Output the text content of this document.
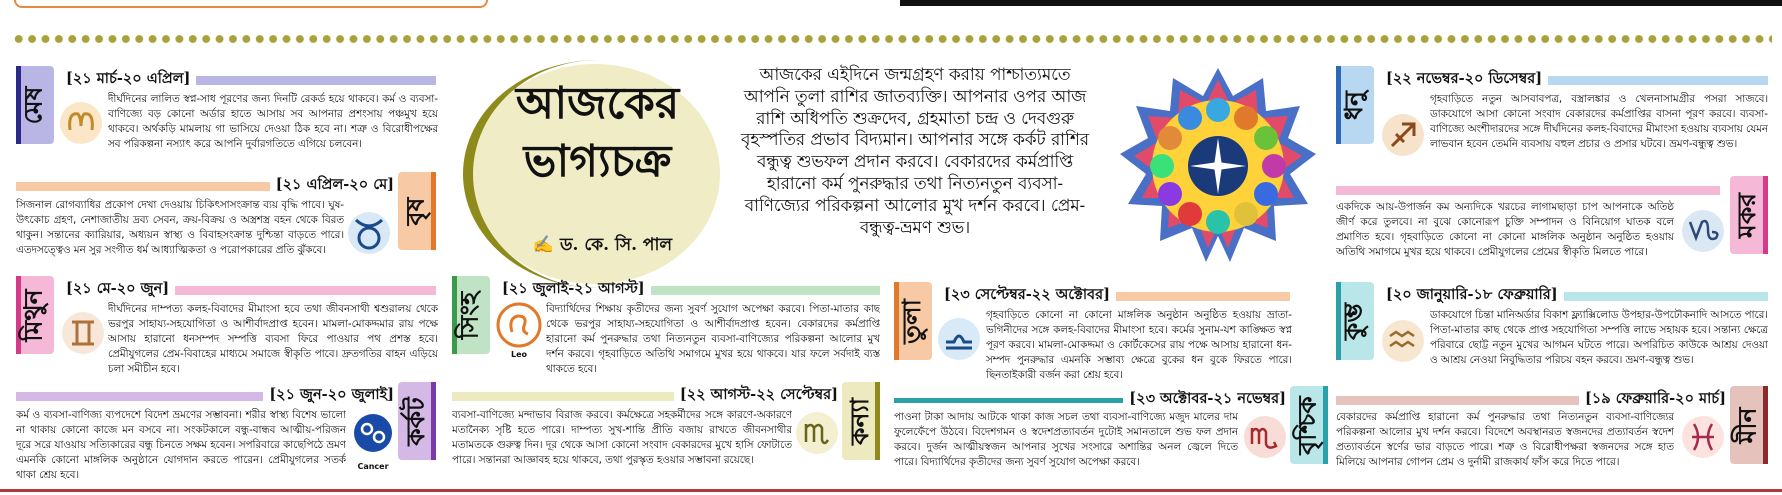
আজকের
ভাগ্যচক্র
✍ ড. কে. সি. পাল
আজকের এইদিনে জন্মগ্রহণ করায় পাশ্চাত্যমতে আপনি তুলা রাশির জাতব্যক্তি। আপনার ওপর আজ রাশি অধিপতি শুক্রদেব, গ্রহমাতা চন্দ্র ও দেবগুরু বৃহস্পতির প্রভাব বিদ্যমান। আপনার সঙ্গে কর্কট রাশির বন্ধুত্ব শুভফল প্রদান করবে। বেকারদের কর্মপ্রাপ্তি হারানো কর্ম পুনরুদ্ধার তথা নিত্যনতুন ব্যবসা-বাণিজ্যের পরিকল্পনা আলোর মুখ দর্শন করবে। প্রেম-বন্ধুত্ব-ভ্রমণ শুভ।
মেষ
[২১ মার্চ-২০ এপ্রিল]
দীর্ঘদিনের লালিত স্বপ্ন-সাধ পূরণের জন্য দিনটি রেকর্ড হয়ে থাকবে। কর্ম ও ব্যবসা-বাণিজ্যে বড় কোনো অর্ডার হাতে আসায় সব আপনার প্রশংসায় পঞ্চমুখ হয়ে থাকবে। অর্থকড়ি মামলায় গা ভাসিয়ে দেওয়া ঠিক হবে না। শত্রু ও বিরোধীপক্ষের সব পরিকল্পনা নস্যাৎ করে আপনি দুর্বারগতিতে এগিয়ে চলবেন।
বৃষ
[২১ এপ্রিল-২০ মে]
সিজনাল রোগব্যাধির প্রকোপ দেখা দেওয়ায় চিকিৎসাসংক্রান্ত ব্যয় বৃদ্ধি পাবে। ঘুষ-উৎকোচ গ্রহণ, নেশাজাতীয় দ্রব্য সেবন, ক্রয়-বিক্রয় ও অস্ত্রশস্ত্র বহন থেকে বিরত থাকুন। সন্তানের ক্যারিয়ার, অধ্যয়ন স্বাস্থ্য ও বিবাহসংক্রান্ত দুশ্চিন্তা বাড়তে পারে। এতদসত্ত্বেও মন সুর সংগীত ধর্ম আধ্যাত্মিকতা ও পরোপকারের প্রতি ঝুঁকবে।
মিথুন
[২১ মে-২০ জুন]
দীর্ঘদিনের দাম্পত্য কলহ-বিবাদের মীমাংসা হবে তথা জীবনসাথী শ্বশুরালয় থেকে ভরপুর সাহায্য-সহযোগিতা ও আশীর্বাদপ্রাপ্ত হবেন। মামলা-মোকদ্দমার রায় পক্ষে আসায় হারানো ধনসম্পদ সম্পত্তি ব্যবসা ফিরে পাওয়ার পথ প্রশস্ত হবে। প্রেমীযুগলের প্রেম-বিবাহের মাধ্যমে সমাজে স্বীকৃতি পাবে। দ্রুতগতির বাহন এড়িয়ে চলা সমীচীন হবে।
কর্কট
[২১ জুন-২০ জুলাই]
Cancer
কর্ম ও ব্যবসা-বাণিজ্য ব্যপদেশে বিদেশ ভ্রমণের সম্ভাবনা। শরীর স্বাস্থ্য বিশেষ ভালো না থাকায় কোনো কাজে মন বসবে না। সংকটকালে বন্ধু-বান্ধব আত্মীয়-পরিজন দূরে সরে যাওয়ায় সত্যিকারের বন্ধু চিনতে সক্ষম হবেন। সপরিবারে কাছেপিঠে ভ্রমণ এমনকি কোনো মাঙ্গলিক অনুষ্ঠানে যোগদান করতে পারেন। প্রেমীযুগলের সতর্ক থাকা শ্রেয় হবে।
সিংহ
[২১ জুলাই-২১ আগস্ট]
Leo
বিদ্যার্থিদের শিক্ষায় কৃতীদের জন্য সুবর্ণ সুযোগ অপেক্ষা করবে। পিতা-মাতার কাছ থেকে ভরপুর সাহায্য-সহযোগিতা ও আশীর্বাদপ্রাপ্ত হবেন। বেকারদের কর্মপ্রাপ্তি হারানো কর্ম পুনরুদ্ধার তথা নিত্যনতুন ব্যবসা-বাণিজ্যের পরিকল্পনা আলোর মুখ দর্শন করবে। গৃহবাড়িতে অতিথি সমাগমে মুখর হয়ে থাকবে। যার ফলে সর্বদাই ব্যস্ত থাকতে হবে।
কন্যা
[২২ আগস্ট-২২ সেপ্টেম্বর]
ব্যবসা-বাণিজ্যে মন্দাভাব বিরাজ করবে। কর্মক্ষেত্রে সহকর্মীদের সঙ্গে কারণে-অকারণে মতানৈক্য সৃষ্টি হতে পারে। দাম্পত্য সুখ-শান্তি প্রীতি বজায় রাখতে জীবনসাথীর মতামতকে গুরুত্ব দিন। দূর থেকে আসা কোনো সংবাদ বেকারদের মুখে হাসি ফোটাতে পারে। সন্তানরা আজ্ঞাবহ হয়ে থাকবে, তথা পুরস্কৃত হওয়ার সম্ভাবনা রয়েছে।
তুলা
[২৩ সেপ্টেম্বর-২২ অক্টোবর]
গৃহবাড়িতে কোনো না কোনো মাঙ্গলিক অনুষ্ঠান অনুষ্ঠিত হওয়ায় ভ্রাতা-ভগিনীদের সঙ্গে কলহ-বিবাদের মীমাংসা হবে। কর্মের সুনাম-যশ কাঙ্ক্ষিত স্বপ্ন পূরণ করবে। মামলা-মোকদ্দমা ও কোর্টকেসের রায় পক্ষে আসায় হারানো ধন-সম্পদ পুনরুদ্ধার এমনকি সম্ভাব্য ক্ষেত্রে বুকের ধন বুকে ফিরতে পারে। ছিনতাইকারী বর্জন করা শ্রেয় হবে।
বৃশ্চিক
[২৩ অক্টোবর-২১ নভেম্বর]
পাওনা টাকা আদায় আটকে থাকা কাজ সচল তথা ব্যবসা-বাণিজ্যে মজুদ মালের দাম ফুলেফেঁপে উঠবে। বিদেশগমন ও স্বদেশপ্রত্যাবর্তন দুটোই সমানতালে শুভ ফল প্রদান করবে। দুর্জন আত্মীয়স্বজন আপনার সুখের সংসারে অশান্তির অনল জ্বেলে দিতে পারে। বিদ্যার্থিদের কৃতীদের জন্য সুবর্ণ সুযোগ অপেক্ষা করবে।
ধনু
[২২ নভেম্বর-২০ ডিসেম্বর]
গৃহবাড়িতে নতুন আসবাবপত্র, বস্ত্রালঙ্কার ও খেলনাসামগ্রীর পসরা সাজবে। ডাকযোগে আসা কোনো সংবাদ বেকারদের কর্মপ্রাপ্তির বাসনা পূরণ করবে। ব্যবসা-বাণিজ্যে অংশীদারদের সঙ্গে দীর্ঘদিনের কলহ-বিবাদের মীমাংসা হওয়ায় ব্যবসায় যেমন লাভবান হবেন তেমনি ব্যবসায় বহুল প্রচার ও প্রসার ঘটবে। ভ্রমণ-বন্ধুত্ব শুভ।
মকর
একদিকে আয়-উপার্জন কম অন্যদিকে খরচের লাগামছাড়া চাপ আপনাকে অতিষ্ঠ জীর্ণ করে তুলবে। না বুঝে কোনোরূপ চুক্তি সম্পাদন ও বিনিয়োগ ঘাতক বলে প্রমাণিত হবে। গৃহবাড়িতে কোনো না কোনো মাঙ্গলিক অনুষ্ঠান অনুষ্ঠিত হওয়ায় অতিথি সমাগমে মুখর হয়ে থাকবে। প্রেমীযুগলের প্রেমের স্বীকৃতি মিলতে পারে।
কুম্ভ
[২০ জানুয়ারি-১৮ ফেব্রুয়ারি]
ডাকযোগে চিন্তা মানিঅর্ডার বিকাশ ফ্ল্যাক্সিলোড উপহার-উপঢৌকনাদি আসতে পারে। পিতা-মাতার কাছ থেকে প্রাপ্ত সহযোগিতা সম্পত্তি লাভে সহায়ক হবে। সন্তান্য ক্ষেত্রে পরিবারে ছোট্ট নতুন মুখের আগমন ঘটতে পারে। অপরিচিত কাউকে আশ্রয় দেওয়া ও আশ্রয় নেওয়া নিবুদ্ধিতার পরিচয় বহন করবে। ভ্রমণ-বন্ধুত্ব শুভ।
মীন
[১৯ ফেব্রুয়ারি-২০ মার্চ]
বেকারদের কর্মপ্রাপ্তি হারানো কর্ম পুনরুদ্ধার তথা নিত্যনতুন ব্যবসা-বাণিজ্যের পরিকল্পনা আলোর মুখ দর্শন করবে। বিদেশে অবস্থানরত স্বজনদের প্রত্যাবর্তন স্বদেশ প্রত্যাবর্তনে স্বর্ণের ভার বাড়তে পারে। শত্রু ও বিরোধীপক্ষরা স্বজনদের সঙ্গে হাত মিলিয়ে আপনার গোপন প্রেম ও দুর্নামী রাজকার্য ফাঁস করে দিতে পারে।
